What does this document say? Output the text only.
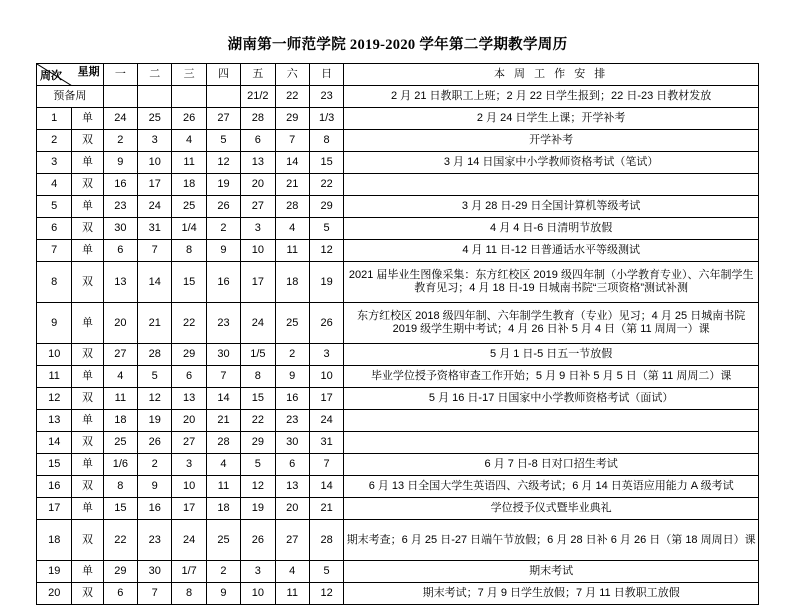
湖南第一师范学院 2019-2020 学年第二学期教学周历
星期
周次		一	二	三	四	五	六	日	本 周 工 作 安 排
预备周						21/2	22	23	2 月 21 日教职工上班；2 月 22 日学生报到；22 日-23 日教材发放
1	单	24	25	26	27	28	29	1/3	2 月 24 日学生上课；开学补考
2	双	2	3	4	5	6	7	8	开学补考
3	单	9	10	11	12	13	14	15	3 月 14 日国家中小学教师资格考试（笔试）
4	双	16	17	18	19	20	21	22	
5	单	23	24	25	26	27	28	29	3 月 28 日-29 日全国计算机等级考试
6	双	30	31	1/4	2	3	4	5	4 月 4 日-6 日清明节放假
7	单	6	7	8	9	10	11	12	4 月 11 日-12 日普通话水平等级测试
8	双	13	14	15	16	17	18	19	2021 届毕业生图像采集：东方红校区 2019 级四年制（小学教育专业）、六年制学生教育见习；4 月 18 日-19 日城南书院“三项资格”测试补测
9	单	20	21	22	23	24	25	26	东方红校区 2018 级四年制、六年制学生教育（专业）见习；4 月 25 日城南书院 2019 级学生期中考试；4 月 26 日补 5 月 4 日（第 11 周周一）课
10	双	27	28	29	30	1/5	2	3	5 月 1 日-5 日五一节放假
11	单	4	5	6	7	8	9	10	毕业学位授予资格审查工作开始；5 月 9 日补 5 月 5 日（第 11 周周二）课
12	双	11	12	13	14	15	16	17	5 月 16 日-17 日国家中小学教师资格考试（面试）
13	单	18	19	20	21	22	23	24	
14	双	25	26	27	28	29	30	31	
15	单	1/6	2	3	4	5	6	7	6 月 7 日-8 日对口招生考试
16	双	8	9	10	11	12	13	14	6 月 13 日全国大学生英语四、六级考试；6 月 14 日英语应用能力 A 级考试
17	单	15	16	17	18	19	20	21	学位授予仪式暨毕业典礼
18	双	22	23	24	25	26	27	28	期末考查；6 月 25 日-27 日端午节放假；6 月 28 日补 6 月 26 日（第 18 周周日）课
19	单	29	30	1/7	2	3	4	5	期末考试
20	双	6	7	8	9	10	11	12	期末考试；7 月 9 日学生放假；7 月 11 日教职工放假
